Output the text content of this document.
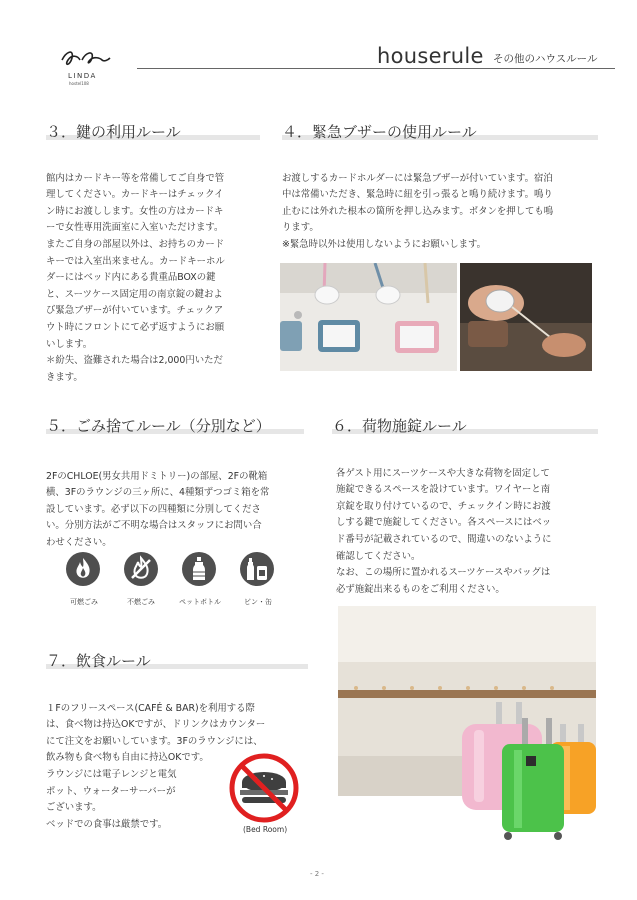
LINDA
hostel108
houserule その他のハウスルール
３．鍵の利用ルール

館内はカードキー等を常備してご自身で管
理してください。カードキーはチェックイ
ン時にお渡しします。女性の方はカードキ
ーで女性専用洗面室に入室いただけます。
またご自身の部屋以外は、お持ちのカード
キーでは入室出来ません。カードキーホル
ダーにはベッド内にある貴重品BOXの鍵
と、スーツケース固定用の南京錠の鍵およ
び緊急ブザーが付いています。チェックア
ウト時にフロントにて必ず返すようにお願
いします。
＊紛失、盗難された場合は2,000円いただ
きます。

４．緊急ブザーの使用ルール

お渡しするカードホルダーには緊急ブザーが付いています。宿泊
中は常備いただき、緊急時に紐を引っ張ると鳴り続けます。鳴り
止むには外れた根本の箇所を押し込みます。ボタンを押しても鳴
ります。
※緊急時以外は使用しないようにお願いします。

５．ごみ捨てルール（分別など）

2FのCHLOE(男女共用ドミトリー)の部屋、2Fの靴箱
横、3Fのラウンジの三ヶ所に、4種類ずつゴミ箱を常
設しています。必ず以下の四種類に分別してくださ
い。分別方法がご不明な場合はスタッフにお問い合
わせください。

可燃ごみ	不燃ごみ	ペットボトル	ビン・缶
６．荷物施錠ルール

各ゲスト用にスーツケースや大きな荷物を固定して
施錠できるスペースを設けています。ワイヤーと南
京錠を取り付けているので、チェックイン時にお渡
しする鍵で施錠してください。各スペースにはベッ
ド番号が記載されているので、間違いのないように
確認してください。
なお、この場所に置かれるスーツケースやバッグは
必ず施錠出来るものをご利用ください。

７．飲食ルール

１Fのフリースペース(CAFÉ & BAR)を利用する際
は、食べ物は持込OKですが、ドリンクはカウンター
にて注文をお願いしています。3Fのラウンジには、
飲み物も食べ物も自由に持込OKです。
ラウンジには電子レンジと電気
ポット、ウォーターサーバーが
ございます。
ベッドでの食事は厳禁です。	(Bed Room)
- 2 -
